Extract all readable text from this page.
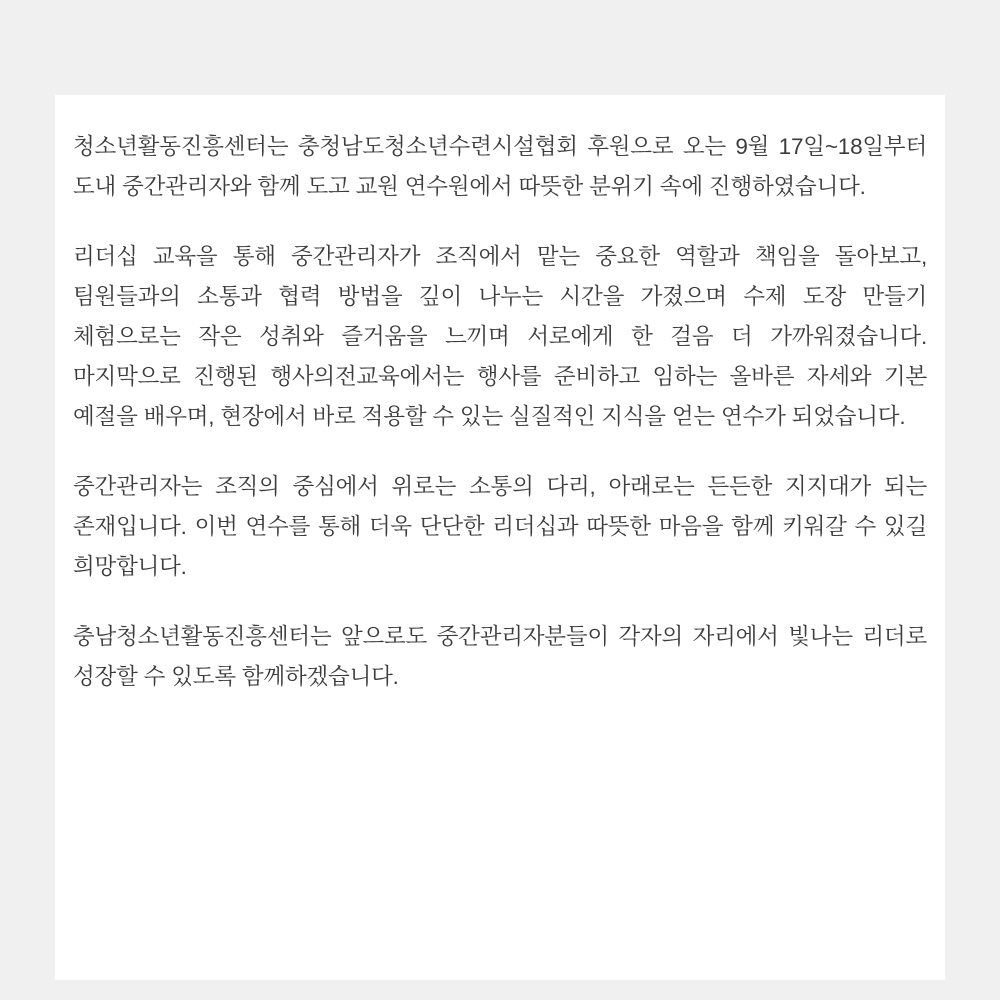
청소년활동진흥센터는 충청남도청소년수련시설협회 후원으로 오는 9월 17일~18일부터 도내 중간관리자와 함께 도고 교원 연수원에서 따뜻한 분위기 속에 진행하였습니다.

리더십 교육을 통해 중간관리자가 조직에서 맡는 중요한 역할과 책임을 돌아보고, 팀원들과의 소통과 협력 방법을 깊이 나누는 시간을 가졌으며 수제 도장 만들기 체험으로는 작은 성취와 즐거움을 느끼며 서로에게 한 걸음 더 가까워졌습니다. 마지막으로 진행된 행사의전교육에서는 행사를 준비하고 임하는 올바른 자세와 기본 예절을 배우며, 현장에서 바로 적용할 수 있는 실질적인 지식을 얻는 연수가 되었습니다.

중간관리자는 조직의 중심에서 위로는 소통의 다리, 아래로는 든든한 지지대가 되는 존재입니다. 이번 연수를 통해 더욱 단단한 리더십과 따뜻한 마음을 함께 키워갈 수 있길 희망합니다.

충남청소년활동진흥센터는 앞으로도 중간관리자분들이 각자의 자리에서 빛나는 리더로 성장할 수 있도록 함께하겠습니다.
